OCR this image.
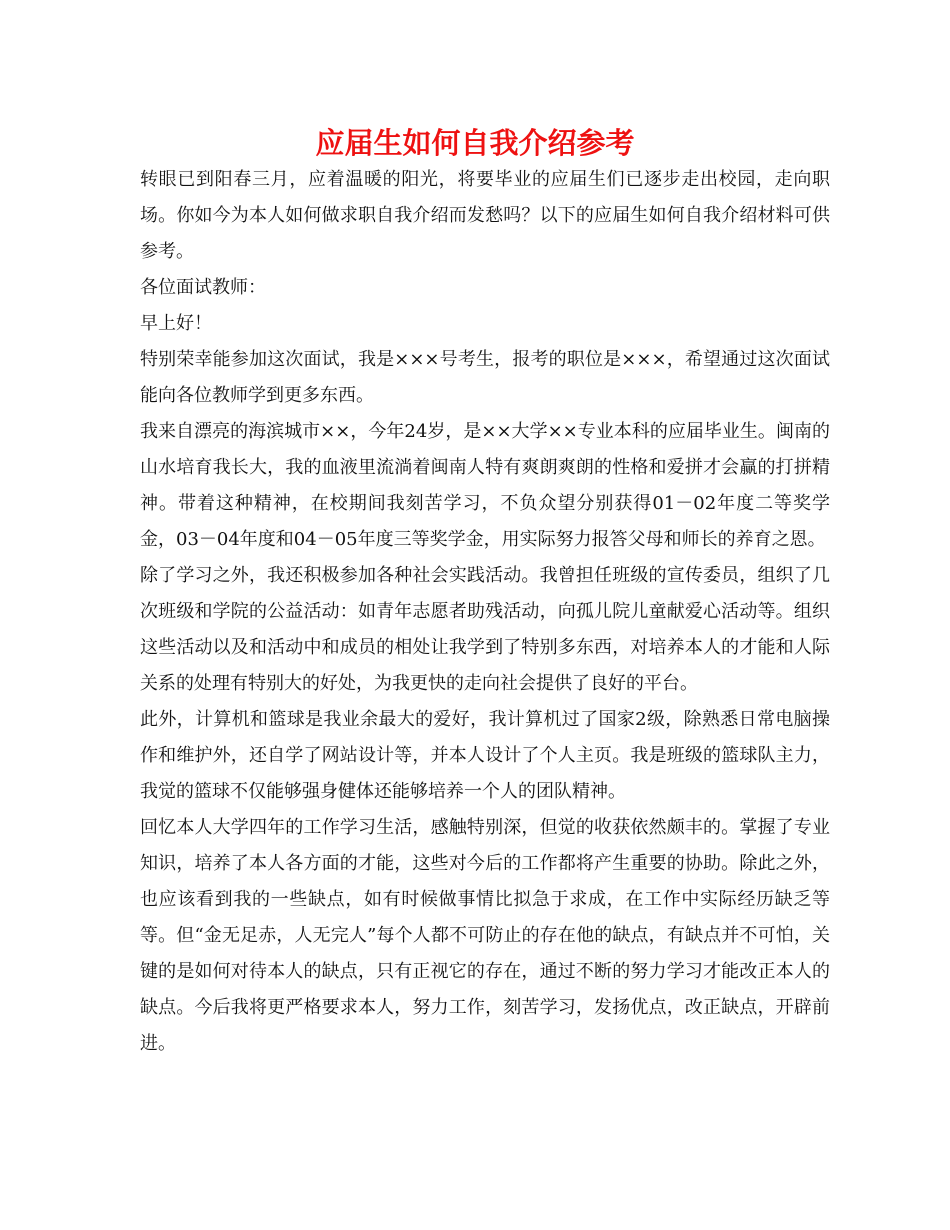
应届生如何自我介绍参考

转眼已到阳春三月，应着温暖的阳光，将要毕业的应届生们已逐步走出校园，走向职场。你如今为本人如何做求职自我介绍而发愁吗？以下的应届生如何自我介绍材料可供参考。

各位面试教师：

早上好！

特别荣幸能参加这次面试，我是×××号考生，报考的职位是×××，希望通过这次面试能向各位教师学到更多东西。

我来自漂亮的海滨城市××，今年24岁，是××大学××专业本科的应届毕业生。闽南的山水培育我长大，我的血液里流淌着闽南人特有爽朗爽朗的性格和爱拼才会赢的打拼精神。带着这种精神，在校期间我刻苦学习，不负众望分别获得01－02年度二等奖学金，03－04年度和04－05年度三等奖学金，用实际努力报答父母和师长的养育之恩。

除了学习之外，我还积极参加各种社会实践活动。我曾担任班级的宣传委员，组织了几次班级和学院的公益活动：如青年志愿者助残活动，向孤儿院儿童献爱心活动等。组织这些活动以及和活动中和成员的相处让我学到了特别多东西，对培养本人的才能和人际关系的处理有特别大的好处，为我更快的走向社会提供了良好的平台。

此外，计算机和篮球是我业余最大的爱好，我计算机过了国家2级，除熟悉日常电脑操作和维护外，还自学了网站设计等，并本人设计了个人主页。我是班级的篮球队主力，我觉的篮球不仅能够强身健体还能够培养一个人的团队精神。

回忆本人大学四年的工作学习生活，感触特别深，但觉的收获依然颇丰的。掌握了专业知识，培养了本人各方面的才能，这些对今后的工作都将产生重要的协助。除此之外，也应该看到我的一些缺点，如有时候做事情比拟急于求成，在工作中实际经历缺乏等等。但“金无足赤，人无完人”每个人都不可防止的存在他的缺点，有缺点并不可怕，关键的是如何对待本人的缺点，只有正视它的存在，通过不断的努力学习才能改正本人的缺点。今后我将更严格要求本人，努力工作，刻苦学习，发扬优点，改正缺点，开辟前进。
